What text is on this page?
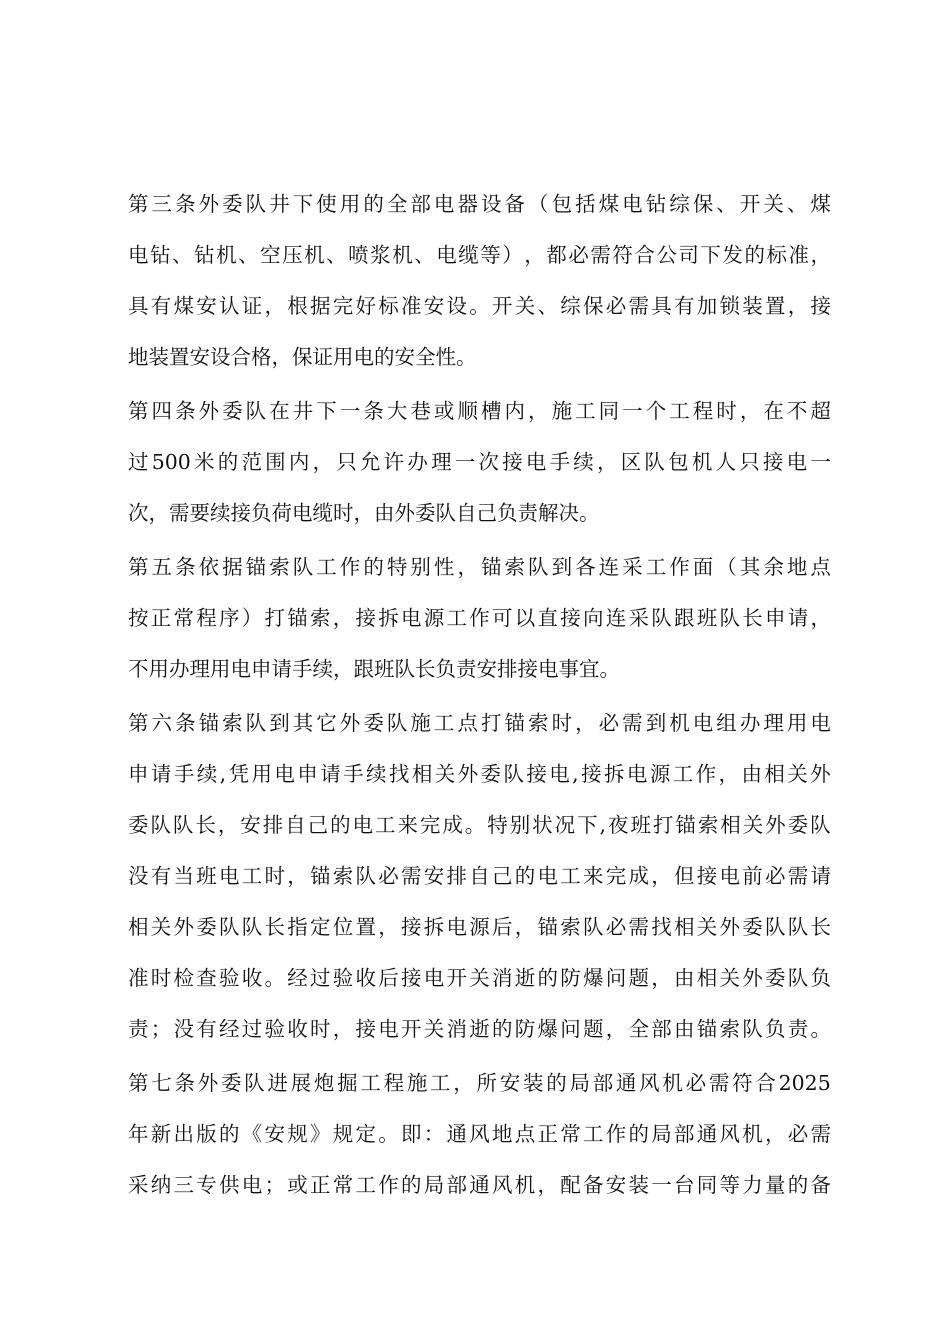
第 三 条 外 委 队 井 下 使 用 的 全 部 电 器 设 备 （ 包 括 煤 电 钻 综 保 、 开 关 、 煤
电 钻 、 钻 机 、 空 压 机 、 喷 浆 机 、 电 缆 等 ） ， 都 必 需 符 合 公 司 下 发 的 标 准 ，
具 有 煤 安 认 证 ， 根 据 完 好 标 准 安 设 。 开 关 、 综 保 必 需 具 有 加 锁 装 置 ， 接
地装置安设合格，保证用电的安全性。
第 四 条 外 委 队 在 井 下 一 条 大 巷 或 顺 槽 内 ， 施 工 同 一 个 工 程 时 ， 在 不 超
过 500 米 的 范 围 内 ， 只 允 许 办 理 一 次 接 电 手 续 ， 区 队 包 机 人 只 接 电 一
次，需要续接负荷电缆时，由外委队自己负责解决。
第 五 条 依 据 锚 索 队 工 作 的 特 别 性 ， 锚 索 队 到 各 连 采 工 作 面 （ 其 余 地 点
按 正 常 程 序 ） 打 锚 索 ， 接 拆 电 源 工 作 可 以 直 接 向 连 采 队 跟 班 队 长 申 请 ，
不用办理用电申请手续，跟班队长负责安排接电事宜。
第 六 条 锚 索 队 到 其 它 外 委 队 施 工 点 打 锚 索 时 ， 必 需 到 机 电 组 办 理 用 电
申 请 手 续 , 凭 用 电 申 请 手 续 找 相 关 外 委 队 接 电 , 接 拆 电 源 工 作 ， 由 相 关 外
委 队 队 长 ， 安 排 自 己 的 电 工 来 完 成 。 特 别 状 况 下 , 夜 班 打 锚 索 相 关 外 委 队
没 有 当 班 电 工 时 ， 锚 索 队 必 需 安 排 自 己 的 电 工 来 完 成 ， 但 接 电 前 必 需 请
相 关 外 委 队 队 长 指 定 位 置 ， 接 拆 电 源 后 ， 锚 索 队 必 需 找 相 关 外 委 队 队 长
准 时 检 查 验 收 。 经 过 验 收 后 接 电 开 关 消 逝 的 防 爆 问 题 ， 由 相 关 外 委 队 负
责 ； 没 有 经 过 验 收 时 ， 接 电 开 关 消 逝 的 防 爆 问 题 ， 全 部 由 锚 索 队 负 责 。
第 七 条 外 委 队 进 展 炮 掘 工 程 施 工 ， 所 安 装 的 局 部 通 风 机 必 需 符 合 2025
年 新 出 版 的 《 安 规 》 规 定 。 即 ： 通 风 地 点 正 常 工 作 的 局 部 通 风 机 ， 必 需
采 纳 三 专 供 电 ； 或 正 常 工 作 的 局 部 通 风 机 ， 配 备 安 装 一 台 同 等 力 量 的 备
